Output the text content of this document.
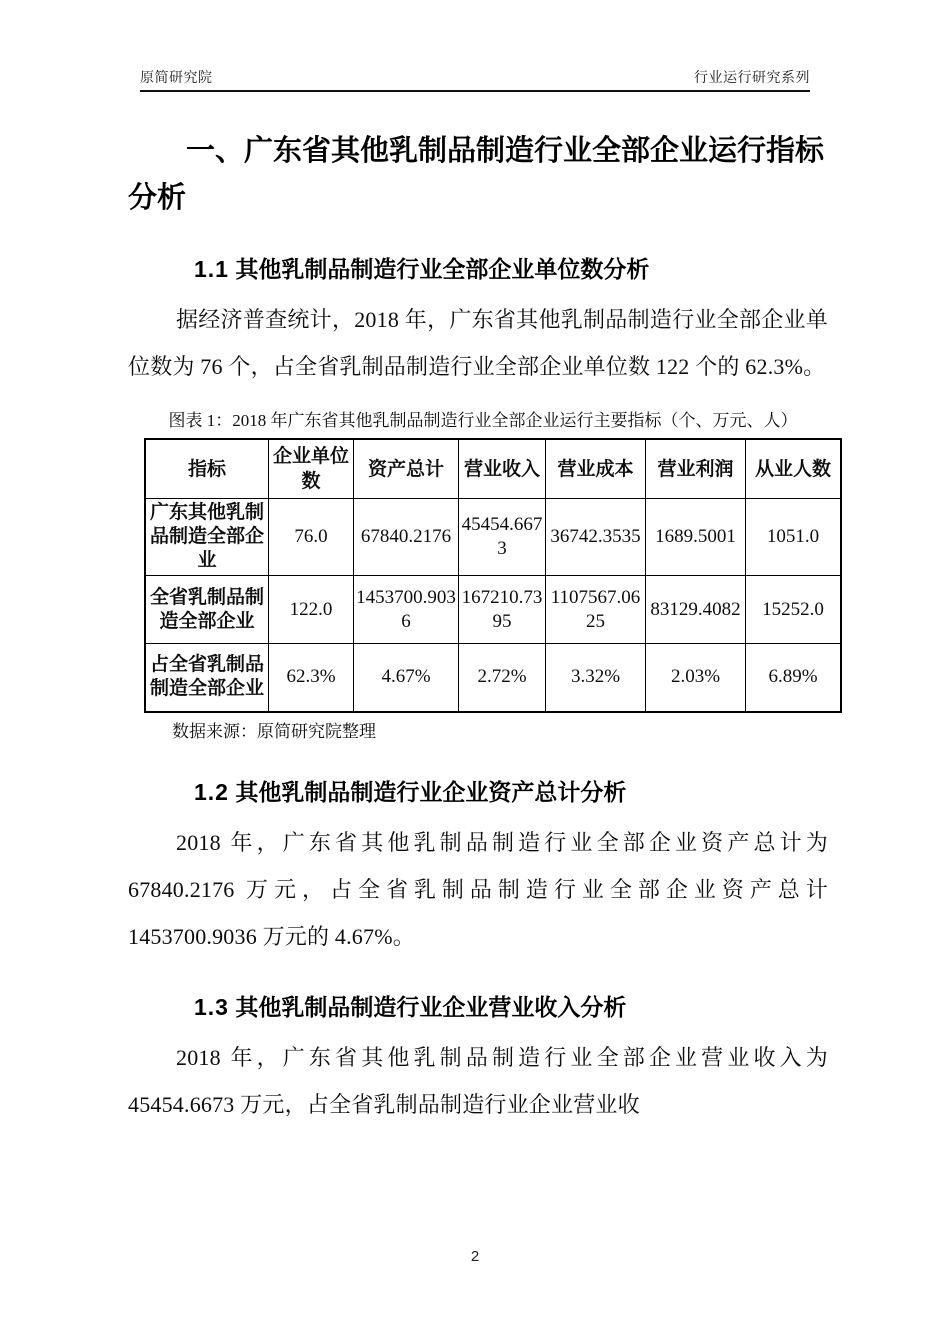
原简研究院	行业运行研究系列
一、广东省其他乳制品制造行业全部企业运行指标分析
1.1 其他乳制品制造行业全部企业单位数分析

据经济普查统计，2018 年，广东省其他乳制品制造行业全部企业单位数为 76 个，占全省乳制品制造行业全部企业单位数 122 个的 62.3%。

图表 1：2018 年广东省其他乳制品制造行业全部企业运行主要指标（个、万元、人）
指标	企业单位数	资产总计	营业收入	营业成本	营业利润	从业人数
广东其他乳制品制造全部企业	76.0	67840.2176	45454.6673	36742.3535	1689.5001	1051.0
全省乳制品制造全部企业	122.0	1453700.9036	167210.7395	1107567.0625	83129.4082	15252.0
占全省乳制品制造全部企业	62.3%	4.67%	2.72%	3.32%	2.03%	6.89%
数据来源：原简研究院整理
1.2 其他乳制品制造行业企业资产总计分析

2018 年，广东省其他乳制品制造行业全部企业资产总计为 67840.2176 万元，占全省乳制品制造行业全部企业资产总计 1453700.9036 万元的 4.67%。

1.3 其他乳制品制造行业企业营业收入分析

2018 年，广东省其他乳制品制造行业全部企业营业收入为 45454.6673 万元，占全省乳制品制造行业企业营业收

2
